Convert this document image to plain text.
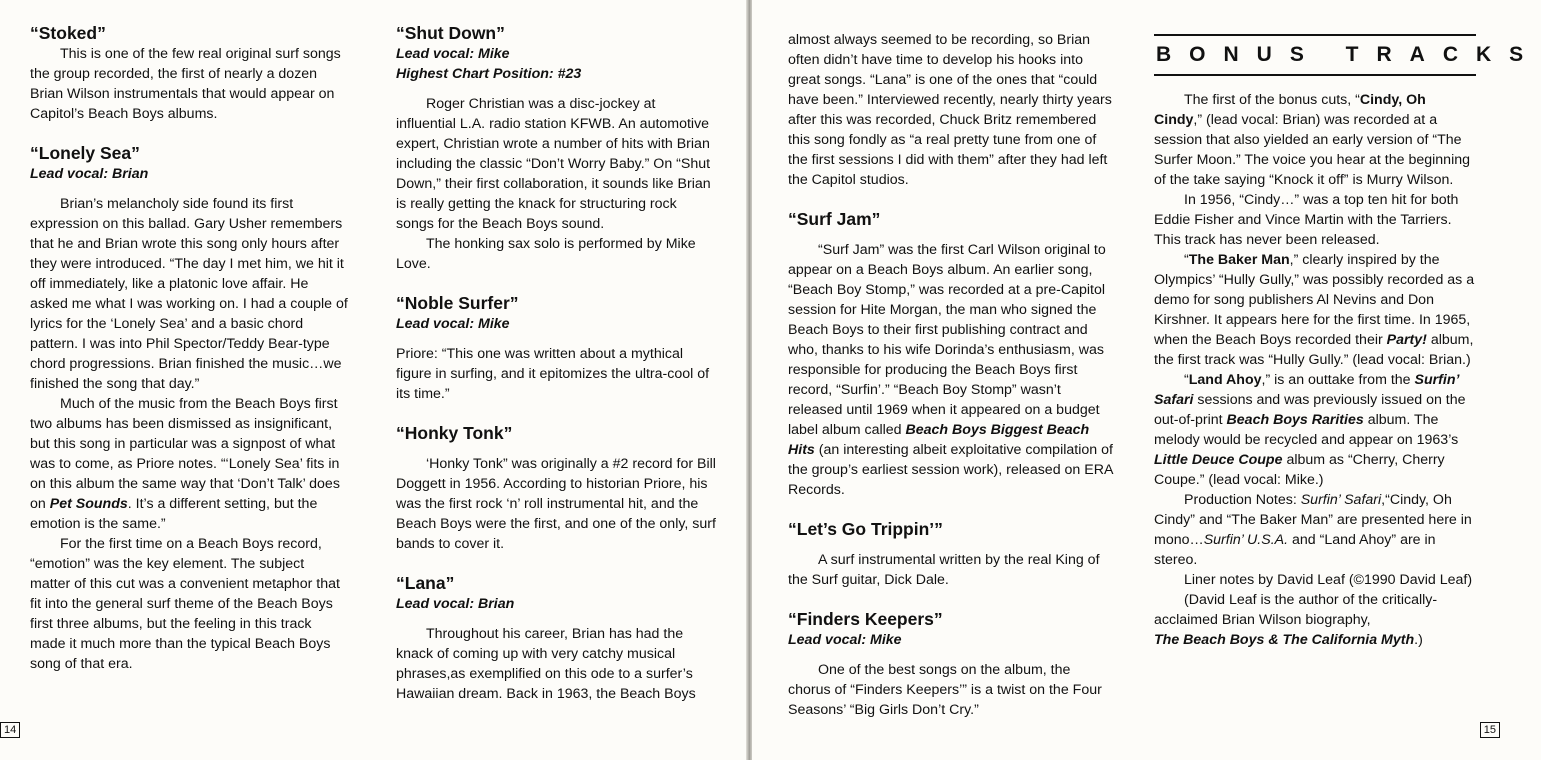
“Stoked”

This is one of the few real original surf songs the group recorded, the first of nearly a dozen Brian Wilson instrumentals that would appear on Capitol’s Beach Boys albums.

“Lonely Sea”

Lead vocal: Brian

Brian’s melancholy side found its first expression on this ballad. Gary Usher remembers that he and Brian wrote this song only hours after they were introduced. “The day I met him, we hit it off immediately, like a platonic love affair. He asked me what I was working on. I had a couple of lyrics for the ‘Lonely Sea’ and a basic chord pattern. I was into Phil Spector/Teddy Bear-type chord progressions. Brian finished the music…we finished the song that day.”

Much of the music from the Beach Boys first two albums has been dismissed as insignificant, but this song in particular was a signpost of what was to come, as Priore notes. “‘Lonely Sea’ fits in on this album the same way that ‘Don’t Talk’ does on Pet Sounds. It’s a different setting, but the emotion is the same.”

For the first time on a Beach Boys record, “emotion” was the key element. The subject matter of this cut was a convenient metaphor that fit into the general surf theme of the Beach Boys first three albums, but the feeling in this track made it much more than the typical Beach Boys song of that era.

“Shut Down”

Lead vocal: Mike

Highest Chart Position: #23

Roger Christian was a disc-jockey at influential L.A. radio station KFWB. An automotive expert, Christian wrote a number of hits with Brian including the classic “Don’t Worry Baby.” On “Shut Down,” their first collaboration, it sounds like Brian is really getting the knack for structuring rock songs for the Beach Boys sound.

The honking sax solo is performed by Mike Love.

“Noble Surfer”

Lead vocal: Mike

Priore: “This one was written about a mythical figure in surfing, and it epitomizes the ultra-cool of its time.”

“Honky Tonk”

‘Honky Tonk” was originally a #2 record for Bill Doggett in 1956. According to historian Priore, his was the first rock ‘n’ roll instrumental hit, and the Beach Boys were the first, and one of the only, surf bands to cover it.

“Lana”

Lead vocal: Brian

Throughout his career, Brian has had the knack of coming up with very catchy musical phrases,as exemplified on this ode to a surfer’s Hawaiian dream. Back in 1963, the Beach Boys

14

almost always seemed to be recording, so Brian often didn’t have time to develop his hooks into great songs. “Lana” is one of the ones that “could have been.” Interviewed recently, nearly thirty years after this was recorded, Chuck Britz remembered this song fondly as “a real pretty tune from one of the first sessions I did with them” after they had left the Capitol studios.

“Surf Jam”

“Surf Jam” was the first Carl Wilson original to appear on a Beach Boys album. An earlier song, “Beach Boy Stomp,” was recorded at a pre-Capitol session for Hite Morgan, the man who signed the Beach Boys to their first publishing contract and who, thanks to his wife Dorinda’s enthusiasm, was responsible for producing the Beach Boys first record, “Surfin’.” “Beach Boy Stomp” wasn’t released until 1969 when it appeared on a budget label album called Beach Boys Biggest Beach Hits (an interesting albeit exploitative compilation of the group’s earliest session work), released on ERA Records.

“Let’s Go Trippin’”

A surf instrumental written by the real King of the Surf guitar, Dick Dale.

“Finders Keepers”

Lead vocal: Mike

One of the best songs on the album, the chorus of “Finders Keepers’” is a twist on the Four Seasons’ “Big Girls Don’t Cry.”

BONUS TRACKS

The first of the bonus cuts, “Cindy, Oh Cindy,” (lead vocal: Brian) was recorded at a session that also yielded an early version of “The Surfer Moon.” The voice you hear at the beginning of the take saying “Knock it off” is Murry Wilson.

In 1956, “Cindy…” was a top ten hit for both Eddie Fisher and Vince Martin with the Tarriers. This track has never been released.

“The Baker Man,” clearly inspired by the Olympics’ “Hully Gully,” was possibly recorded as a demo for song publishers Al Nevins and Don Kirshner. It appears here for the first time. In 1965, when the Beach Boys recorded their Party! album, the first track was “Hully Gully.” (lead vocal: Brian.)

“Land Ahoy,” is an outtake from the Surfin’ Safari sessions and was previously issued on the out-of-print Beach Boys Rarities album. The melody would be recycled and appear on 1963’s Little Deuce Coupe album as “Cherry, Cherry Coupe.” (lead vocal: Mike.)

Production Notes: Surfin’ Safari,“Cindy, Oh Cindy” and “The Baker Man” are presented here in mono…Surfin’ U.S.A. and “Land Ahoy” are in stereo.

Liner notes by David Leaf (©1990 David Leaf)

(David Leaf is the author of the critically-acclaimed Brian Wilson biography,

The Beach Boys & The California Myth.)

15
